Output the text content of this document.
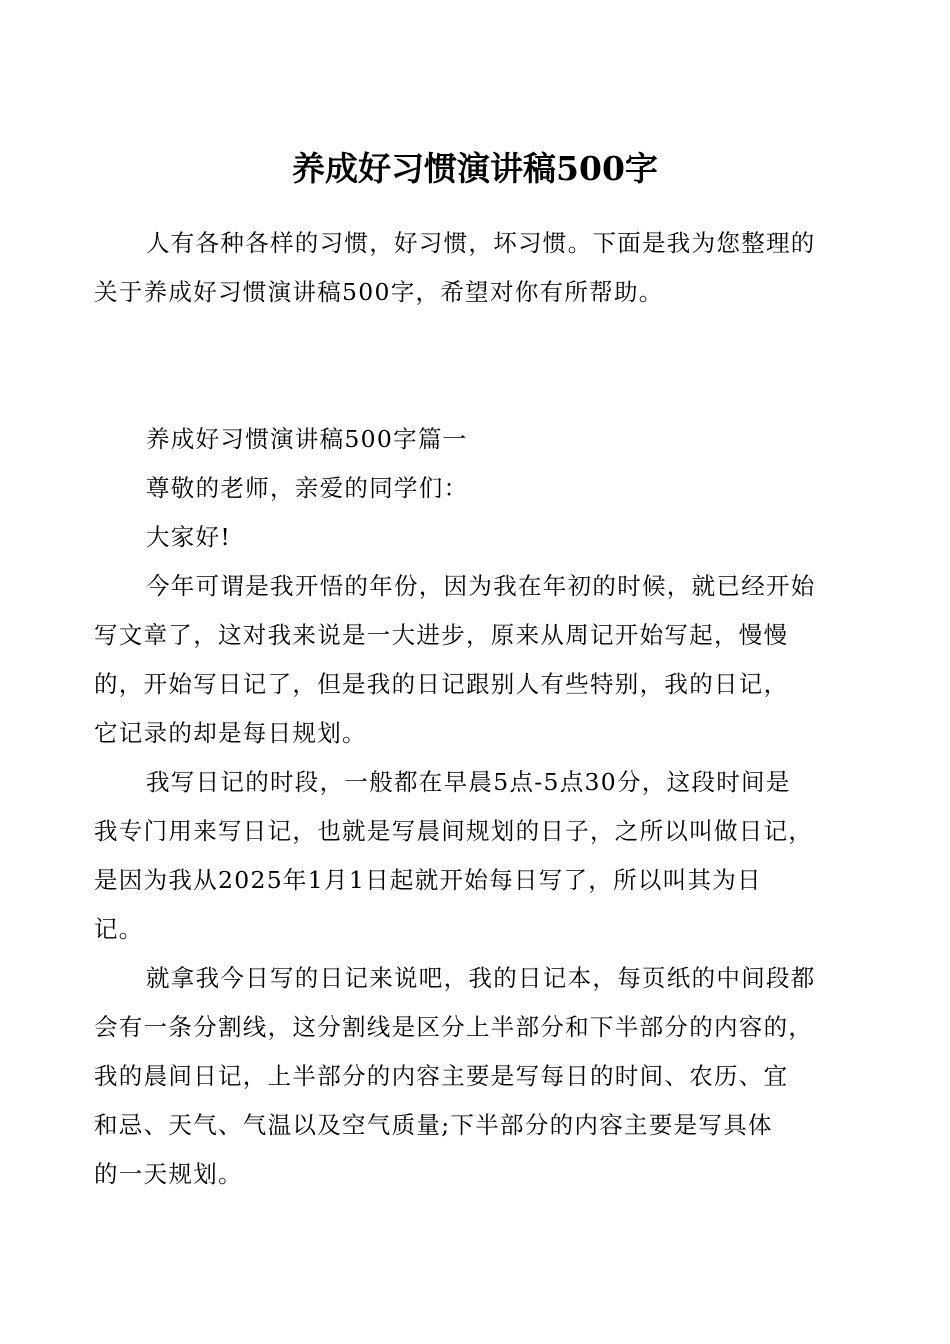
养成好习惯演讲稿500字
人有各种各样的习惯，好习惯，坏习惯。下面是我为您整理的
关于养成好习惯演讲稿500字，希望对你有所帮助。
养成好习惯演讲稿500字篇一
尊敬的老师，亲爱的同学们：
大家好!
今年可谓是我开悟的年份，因为我在年初的时候，就已经开始
写文章了，这对我来说是一大进步，原来从周记开始写起，慢慢
的，开始写日记了，但是我的日记跟别人有些特别，我的日记，
它记录的却是每日规划。
我写日记的时段，一般都在早晨5点-5点30分，这段时间是
我专门用来写日记，也就是写晨间规划的日子，之所以叫做日记，
是因为我从2025年1月1日起就开始每日写了，所以叫其为日
记。
就拿我今日写的日记来说吧，我的日记本，每页纸的中间段都
会有一条分割线，这分割线是区分上半部分和下半部分的内容的，
我的晨间日记，上半部分的内容主要是写每日的时间、农历、宜
和忌、天气、气温以及空气质量;下半部分的内容主要是写具体
的一天规划。
